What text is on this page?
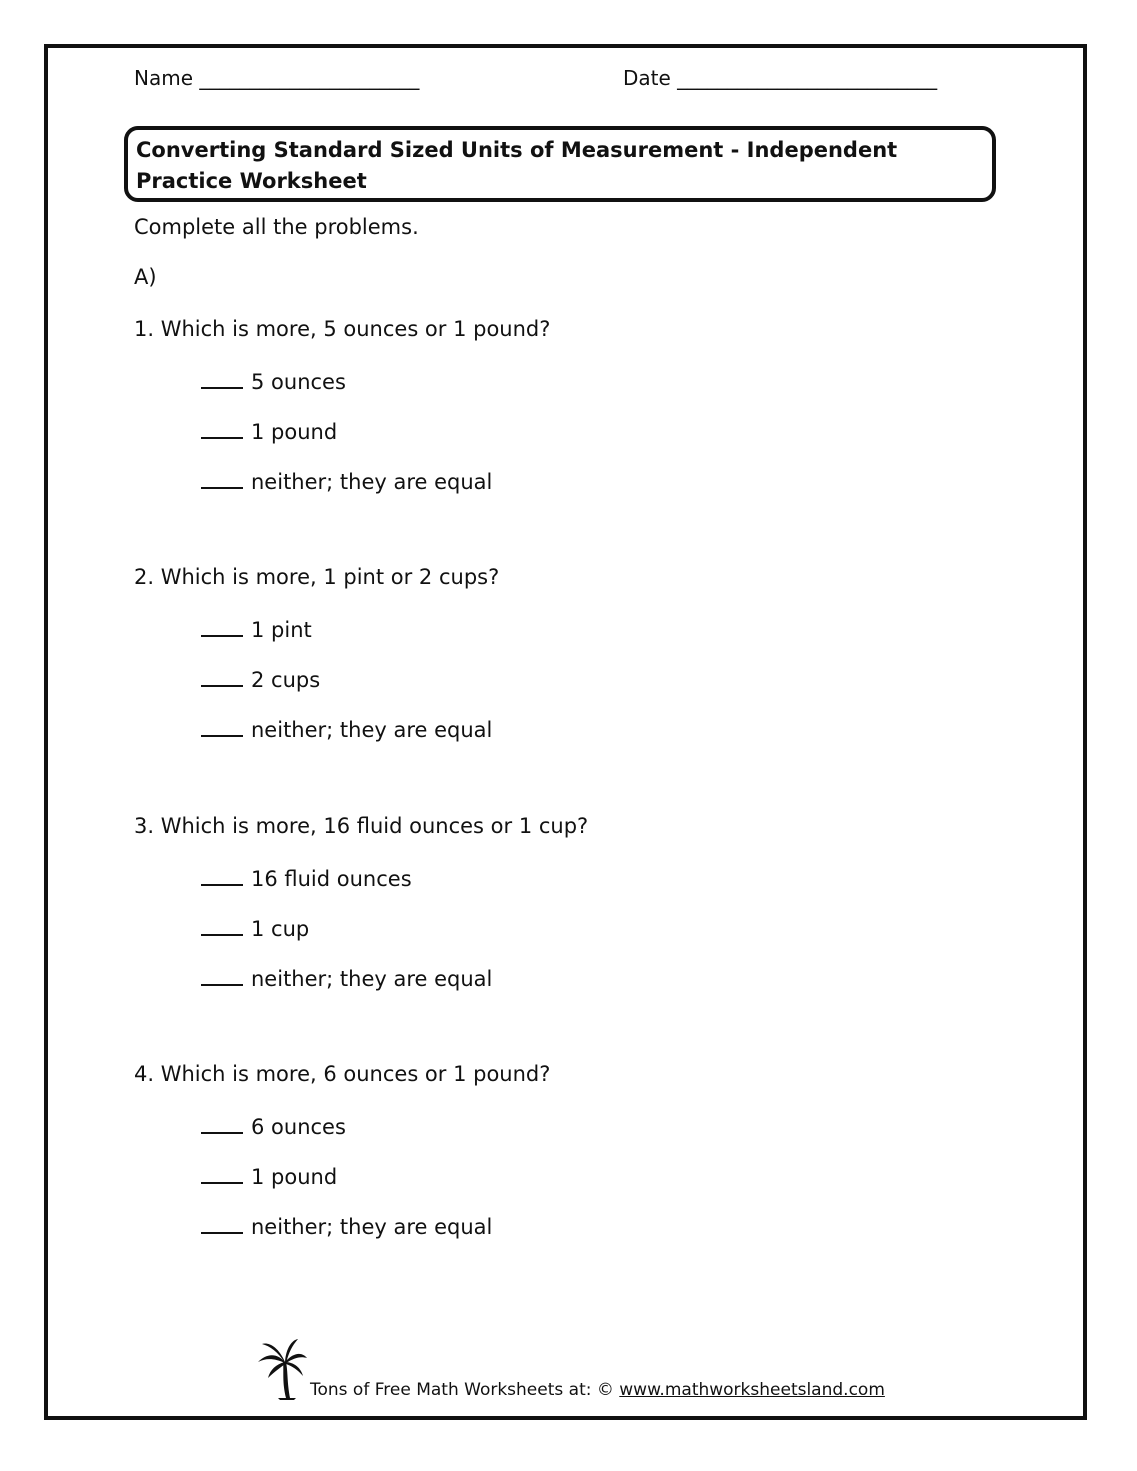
Name ______________________	Date __________________________

Converting Standard Sized Units of Measurement - Independent Practice Worksheet

Complete all the problems.

A)

1. Which is more, 5 ounces or 1 pound?

5 ounces
1 pound
neither; they are equal

2. Which is more, 1 pint or 2 cups?

1 pint
2 cups
neither; they are equal

3. Which is more, 16 fluid ounces or 1 cup?

16 fluid ounces
1 cup
neither; they are equal

4. Which is more, 6 ounces or 1 pound?

6 ounces
1 pound
neither; they are equal
Tons of Free Math Worksheets at: © www.mathworksheetsland.com
